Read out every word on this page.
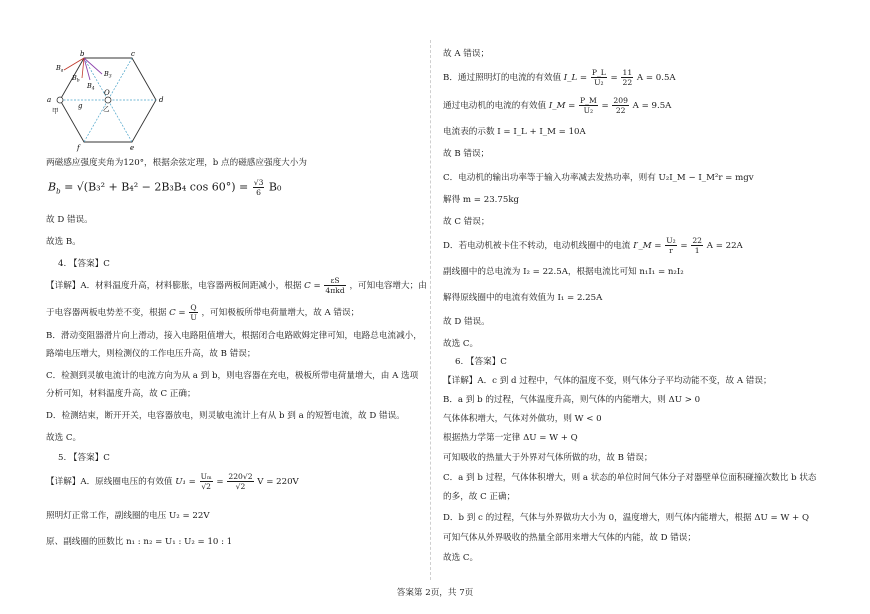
b	c
a	d
e
f
g
O
甲	乙
$B_a$	$B_3$
$B_4$
$B_b$
两磁感应强度夹角为120°，根据余弦定理，b 点的磁感应强度大小为
$B_b = √(B_3^2 + B_4^2 - 2B_3B_4$ $\cos 60^\circ) = \frac{√3}{6} B_0$
故 D 错误。
故选 B。
4. 【答案】C
【详解】A．材料温度升高，材料膨胀，电容器两板间距减小，根据 $C = \frac{\varepsilon S}{\text{4πkd}}$ ，可知电容增大；由
于电容器两板电势差不变，根据 $C = \frac{Q}{U}$ ，可知极板所带电荷量增大，故 A 错误；
B．滑动变阻器滑片向上滑动，接入电路阻值增大，根据闭合电路欧姆定律可知，电路总电流减小，
路端电压增大，则检测仪的工作电压升高，故 B 错误；
C．检测到灵敏电流计的电流方向为从 a 到 b，则电容器在充电，极板所带电荷量增大，由 A 选项
分析可知，材料温度升高，故 C 正确；
D．检测结束，断开开关，电容器放电，则灵敏电流计上有从 b 到 a 的短暂电流，故 D 错误。
故选 C。
5. 【答案】C
【详解】A．原线圈电压的有效值 $U_1 = \frac{\text{Uₘ}}{√2} = \frac{220√2}{√2}$ V = 220V
照明灯正常工作，副线圈的电压 U₂ = 22V
原、副线圈的匝数比 n₁ : n₂ = U₁ : U₂ = 10 : 1
故 A 错误；
B．通过照明灯的电流的有效值 I_L = $\frac{P\_L}{\text{U₂}} = \frac{11}{22}$ A = 0.5A
通过电动机的电流的有效值 I_M = $\frac{P\_M}{\text{U₂}} = \frac{209}{22}$ A = 9.5A
电流表的示数 I = I_L + I_M = 10A
故 B 错误；
C．电动机的输出功率等于输入功率减去发热功率，则有 U₂I_M − I_M²r = mgv
解得 m = 23.75kg
故 C 错误；
D．若电动机被卡住不转动，电动机线圈中的电流 I′_M = $\frac{\text{U₂}}{r} = \frac{22}{1}$ A = 22A
副线圈中的总电流为 I₂ = 22.5A，根据电流比可知 n₁I₁ = n₂I₂
解得原线圈中的电流有效值为 I₁ = 2.25A
故 D 错误。
故选 C。
6. 【答案】C
【详解】A．c 到 d 过程中，气体的温度不变，则气体分子平均动能不变，故 A 错误；
B．a 到 b 的过程，气体温度升高，则气体的内能增大，则 ΔU > 0
气体体积增大，气体对外做功，则 W < 0
根据热力学第一定律 ΔU = W + Q
可知吸收的热量大于外界对气体所做的功，故 B 错误；
C．a 到 b 过程，气体体积增大，则 a 状态的单位时间气体分子对器壁单位面积碰撞次数比 b 状态
的多，故 C 正确；
D．b 到 c 的过程，气体与外界做功大小为 0，温度增大，则气体内能增大，根据 ΔU = W + Q
可知气体从外界吸收的热量全部用来增大气体的内能，故 D 错误；
故选 C。
答案第 2页，共 7页
